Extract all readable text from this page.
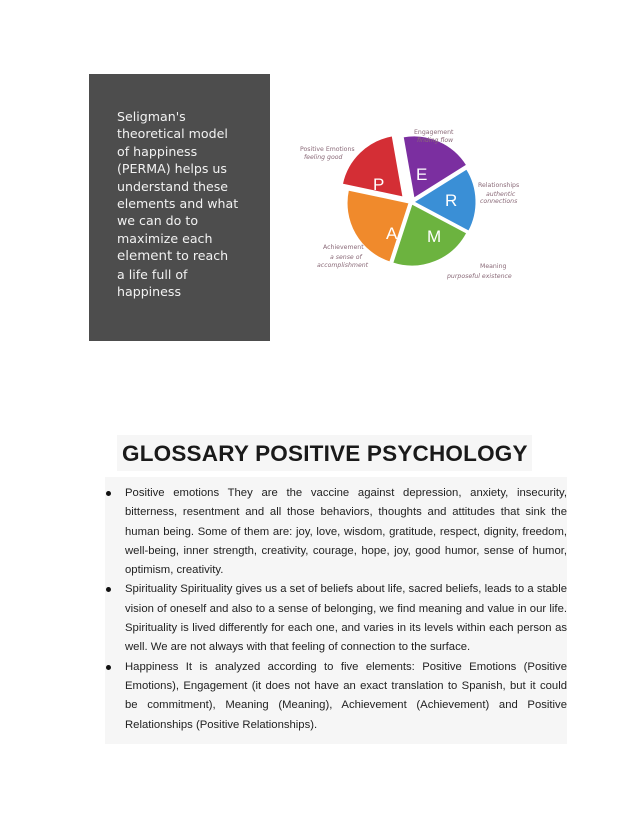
Seligman's
theoretical model
of happiness
(PERMA) helps us
understand these
elements and what
we can do to
maximize each
element to reach
a life full of
happiness
P
E
R
M
A
Engagement
finding flow
Positive Emotions
feeling good
Relationships
authentic
connections
Achievement
a sense of
accomplishment	Meaning
purposeful existence
GLOSSARY POSITIVE PSYCHOLOGY
Positive emotions They are the vaccine against depression, anxiety, insecurity, bitterness, resentment and all those behaviors, thoughts and attitudes that sink the human being. Some of them are: joy, love, wisdom, gratitude, respect, dignity, freedom, well-being, inner strength, creativity, courage, hope, joy, good humor, sense of humor, optimism, creativity.
Spirituality Spirituality gives us a set of beliefs about life, sacred beliefs, leads to a stable vision of oneself and also to a sense of belonging, we find meaning and value in our life. Spirituality is lived differently for each one, and varies in its levels within each person as well. We are not always with that feeling of connection to the surface.
Happiness It is analyzed according to five elements: Positive Emotions (Positive Emotions), Engagement (it does not have an exact translation to Spanish, but it could be commitment), Meaning (Meaning), Achievement (Achievement) and Positive Relationships (Positive Relationships).
